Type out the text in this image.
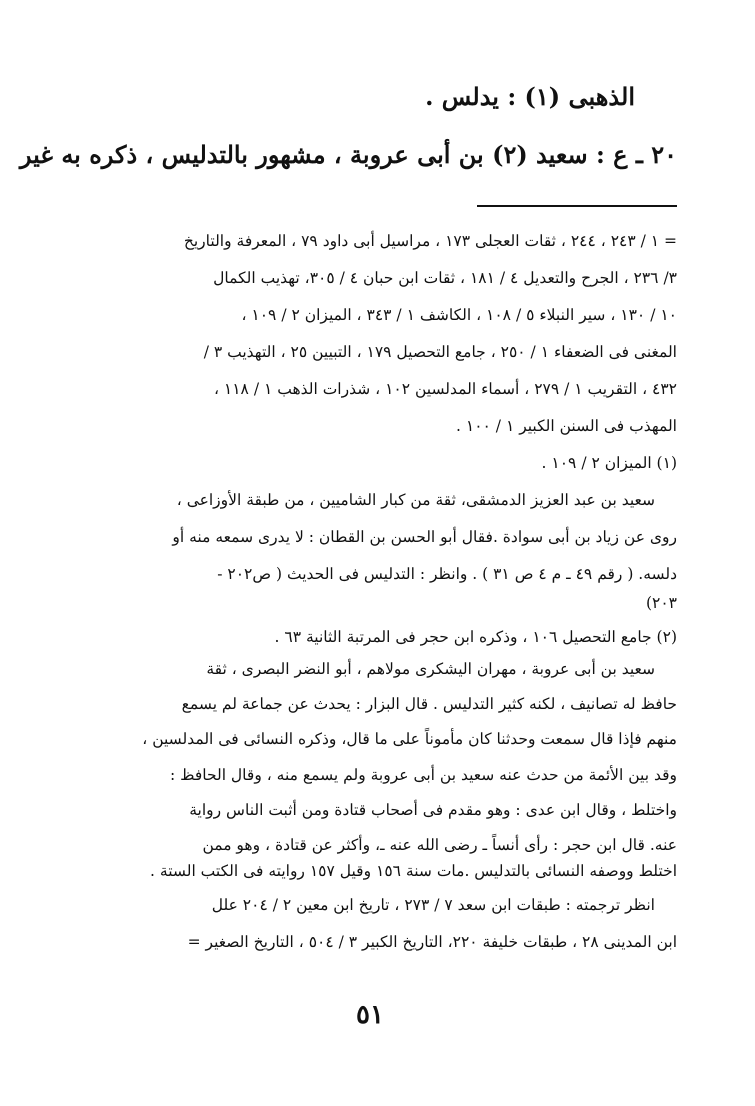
الذهبى (١) : يدلس .
٢٠ ـ ع : سعيد (٢) بن أبى عروبة ، مشهور بالتدليس ، ذكره به غير
= ١ / ٢٤٣ ، ٢٤٤ ، ثقات العجلى ١٧٣ ، مراسيل أبى داود ٧٩ ، المعرفة والتاريخ
٣/ ٢٣٦ ، الجرح والتعديل ٤ / ١٨١ ، ثقات ابن حبان ٤ / ٣٠٥، تهذيب الكمال
١٠ / ١٣٠ ، سير النبلاء ٥ / ١٠٨ ، الكاشف ١ / ٣٤٣ ، الميزان ٢ / ١٠٩ ،
المغنى فى الضعفاء ١ / ٢٥٠ ، جامع التحصيل ١٧٩ ، التبيين ٢٥ ، التهذيب ٣ /
٤٣٢ ، التقريب ١ / ٢٧٩ ، أسماء المدلسين ١٠٢ ، شذرات الذهب ١ / ١١٨ ،
المهذب فى السنن الكبير ١ / ١٠٠ .
(١) الميزان ٢ / ١٠٩ .
سعيد بن عبد العزيز الدمشقى، ثقة من كبار الشاميين ، من طبقة الأوزاعى ،
روى عن زياد بن أبى سوادة .فقال أبو الحسن بن القطان : لا يدرى سمعه منه أو
دلسه. ( رقم ٤٩ ـ م ٤ ص ٣١ ) . وانظر : التدليس فى الحديث ( ص٢٠٢ -
٢٠٣)
(٢) جامع التحصيل ١٠٦ ، وذكره ابن حجر فى المرتبة الثانية ٦٣ .
سعيد بن أبى عروبة ، مهران اليشكرى مولاهم ، أبو النضر البصرى ، ثقة
حافظ له تصانيف ، لكنه كثير التدليس . قال البزار : يحدث عن جماعة لم يسمع
منهم فإذا قال سمعت وحدثنا كان مأموناً على ما قال، وذكره النسائى فى المدلسين ،
وقد بين الأئمة من حدث عنه سعيد بن أبى عروبة ولم يسمع منه ، وقال الحافظ :
واختلط ، وقال ابن عدى : وهو مقدم فى أصحاب قتادة ومن أثبت الناس رواية
عنه. قال ابن حجر : رأى أنساً ـ رضى الله عنه ـ، وأكثر عن قتادة ، وهو ممن
اختلط ووصفه النسائى بالتدليس .مات سنة ١٥٦ وقيل ١٥٧ روايته فى الكتب الستة .
انظر ترجمته : طبقات ابن سعد ٧ / ٢٧٣ ، تاريخ ابن معين ٢ / ٢٠٤ علل
ابن المدينى ٢٨ ، طبقات خليفة ٢٢٠، التاريخ الكبير ٣ / ٥٠٤ ، التاريخ الصغير =
٥١
